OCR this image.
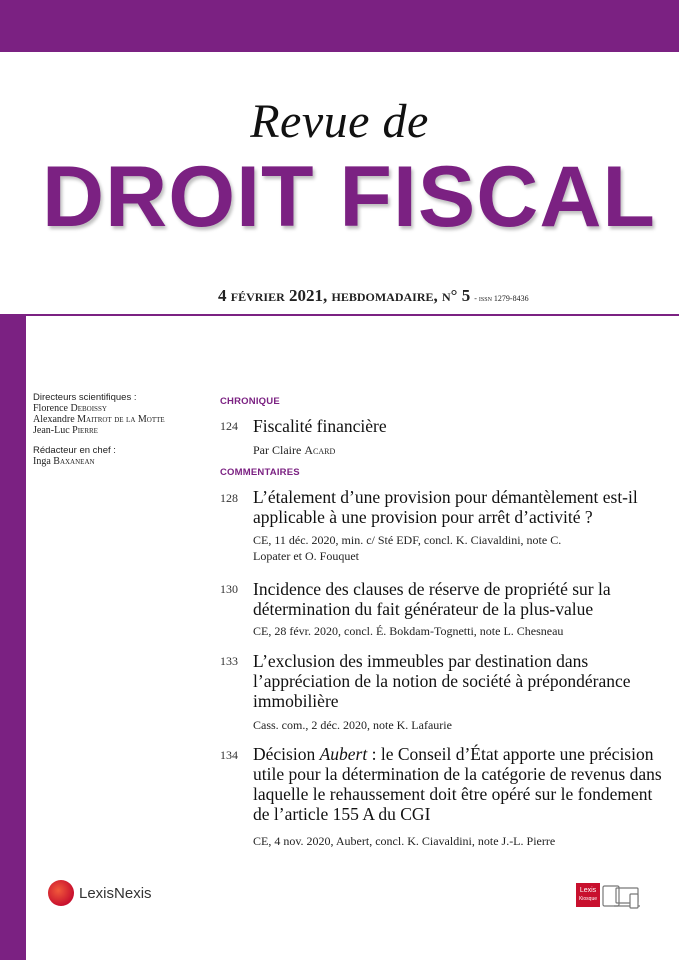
Revue de
DROIT FISCAL
4 février 2021, hebdomadaire, n° 5 - issn 1279-8436
Directeurs scientifiques :
Florence Deboissy
Alexandre Maitrot de la Motte
Jean-Luc Pierre
Rédacteur en chef :
Inga Baxanean
CHRONIQUE
124 Fiscalité financière
Par Claire Acard
COMMENTAIRES
128 L’étalement d’une provision pour démantèlement est-il applicable à une provision pour arrêt d’activité ?
CE, 11 déc. 2020, min. c/ Sté EDF, concl. K. Ciavaldini, note C. Lopater et O. Fouquet
130 Incidence des clauses de réserve de propriété sur la détermination du fait générateur de la plus-value
CE, 28 févr. 2020, concl. É. Bokdam-Tognetti, note L. Chesneau
133 L’exclusion des immeubles par destination dans l’appréciation de la notion de société à prépondérance immobilière
Cass. com., 2 déc. 2020, note K. Lafaurie
134 Décision Aubert : le Conseil d’État apporte une précision utile pour la détermination de la catégorie de revenus dans laquelle le rehaussement doit être opéré sur le fondement de l’article 155 A du CGI
CE, 4 nov. 2020, Aubert, concl. K. Ciavaldini, note J.-L. Pierre
LexisNexis	Lexis
Kiosque
